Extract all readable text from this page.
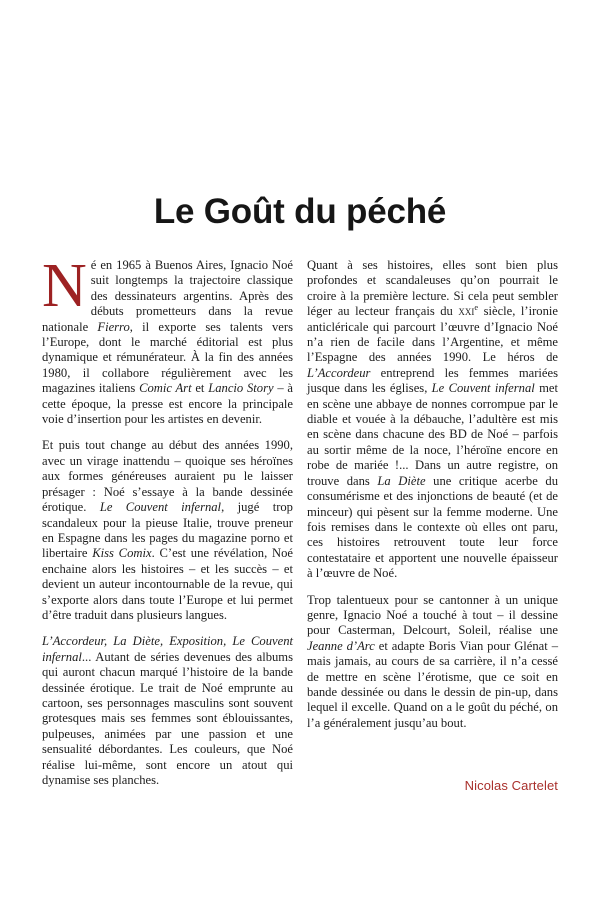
Le Goût du péché

Né en 1965 à Buenos Aires, Ignacio Noé suit longtemps la trajectoire classique des dessinateurs argentins. Après des débuts prometteurs dans la revue nationale Fierro, il exporte ses talents vers l’Europe, dont le marché éditorial est plus dynamique et rémunérateur. À la fin des années 1980, il collabore régulièrement avec les magazines italiens Comic Art et Lancio Story – à cette époque, la presse est encore la principale voie d’insertion pour les artistes en devenir.

Et puis tout change au début des années 1990, avec un virage inattendu – quoique ses héroïnes aux formes généreuses auraient pu le laisser présager : Noé s’essaye à la bande dessinée érotique. Le Couvent infernal, jugé trop scandaleux pour la pieuse Italie, trouve preneur en Espagne dans les pages du magazine porno et libertaire Kiss Comix. C’est une révélation, Noé enchaine alors les histoires – et les succès – et devient un auteur incontournable de la revue, qui s’exporte alors dans toute l’Europe et lui permet d’être traduit dans plusieurs langues.

L’Accordeur, La Diète, Exposition, Le Couvent infernal... Autant de séries devenues des albums qui auront chacun marqué l’histoire de la bande dessinée érotique. Le trait de Noé emprunte au cartoon, ses personnages masculins sont souvent grotesques mais ses femmes sont éblouissantes, pulpeuses, animées par une passion et une sensualité débordantes. Les couleurs, que Noé réalise lui-même, sont encore un atout qui dynamise ses planches.

Quant à ses histoires, elles sont bien plus profondes et scandaleuses qu’on pourrait le croire à la première lecture. Si cela peut sembler léger au lecteur français du xxi$^e$ siècle, l’ironie anticléricale qui parcourt l’œuvre d’Ignacio Noé n’a rien de facile dans l’Argentine, et même l’Espagne des années 1990. Le héros de L’Accordeur entreprend les femmes mariées jusque dans les églises, Le Couvent infernal met en scène une abbaye de nonnes corrompue par le diable et vouée à la débauche, l’adultère est mis en scène dans chacune des BD de Noé – parfois au sortir même de la noce, l’héroïne encore en robe de mariée !... Dans un autre registre, on trouve dans La Diète une critique acerbe du consumérisme et des injonctions de beauté (et de minceur) qui pèsent sur la femme moderne. Une fois remises dans le contexte où elles ont paru, ces histoires retrouvent toute leur force contestataire et apportent une nouvelle épaisseur à l’œuvre de Noé.

Trop talentueux pour se cantonner à un unique genre, Ignacio Noé a touché à tout – il dessine pour Casterman, Delcourt, Soleil, réalise une Jeanne d’Arc et adapte Boris Vian pour Glénat – mais jamais, au cours de sa carrière, il n’a cessé de mettre en scène l’érotisme, que ce soit en bande dessinée ou dans le dessin de pin-up, dans lequel il excelle. Quand on a le goût du péché, on l’a généralement jusqu’au bout.

Nicolas Cartelet
